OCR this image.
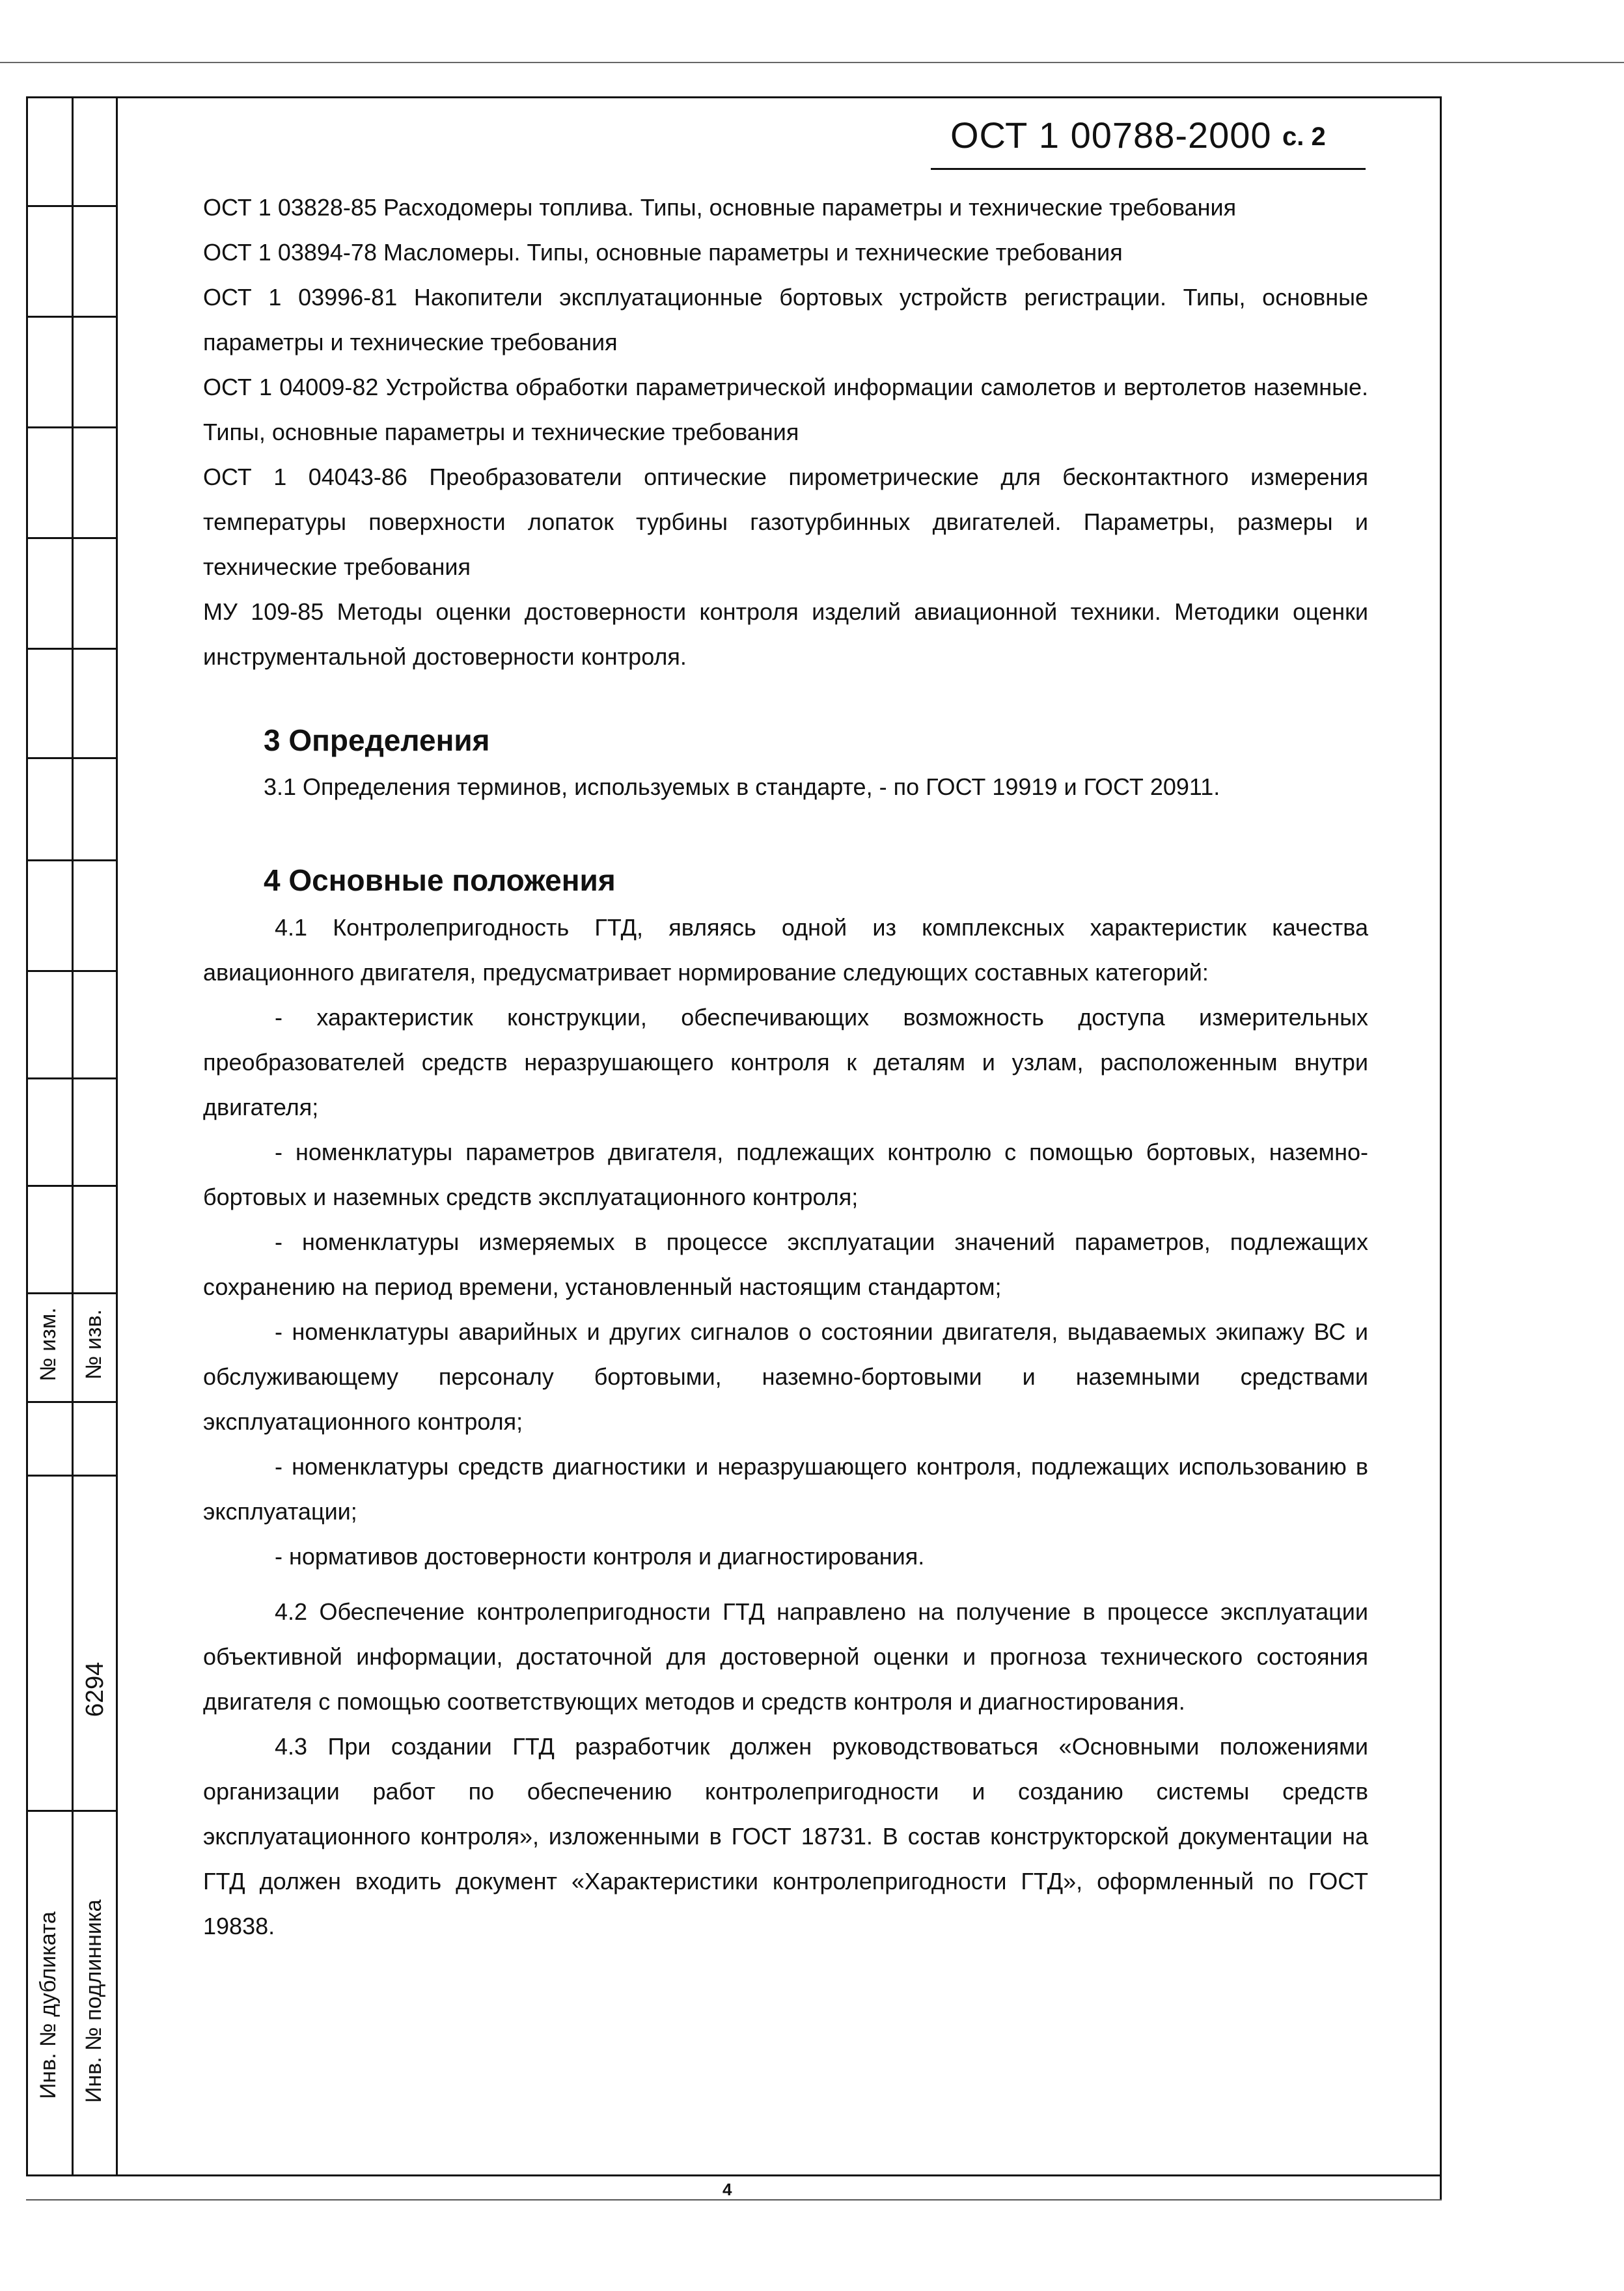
№ изм. № изв.
6294
Инв. № дубликата Инв. № подлинника
ОСТ 1 00788-2000 с. 2

ОСТ 1 03828-85 Расходомеры топлива. Типы, основные параметры и технические требования

ОСТ 1 03894-78 Масломеры. Типы, основные параметры и технические требования

ОСТ 1 03996-81 Накопители эксплуатационные бортовых устройств регистрации. Типы, основные параметры и технические требования

ОСТ 1 04009-82 Устройства обработки параметрической информации самолетов и вертолетов наземные. Типы, основные параметры и технические требования

ОСТ 1 04043-86 Преобразователи оптические пирометрические для бесконтактного измерения температуры поверхности лопаток турбины газотурбинных двигателей. Параметры, размеры и технические требования

МУ 109-85 Методы оценки достоверности контроля изделий авиационной техники. Методики оценки инструментальной достоверности контроля.

3 Определения
3.1 Определения терминов, используемых в стандарте, - по ГОСТ 19919 и ГОСТ 20911.
4 Основные положения

4.1 Контролепригодность ГТД, являясь одной из комплексных характеристик качества авиационного двигателя, предусматривает нормирование следующих составных категорий:

- характеристик конструкции, обеспечивающих возможность доступа измерительных преобразователей средств неразрушающего контроля к деталям и узлам, расположенным внутри двигателя;

- номенклатуры параметров двигателя, подлежащих контролю с помощью бортовых, наземно-бортовых и наземных средств эксплуатационного контроля;

- номенклатуры измеряемых в процессе эксплуатации значений параметров, подлежащих сохранению на период времени, установленный настоящим стандартом;

- номенклатуры аварийных и других сигналов о состоянии двигателя, выдаваемых экипажу ВС и обслуживающему персоналу бортовыми, наземно-бортовыми и наземными средствами эксплуатационного контроля;

- номенклатуры средств диагностики и неразрушающего контроля, подлежащих использованию в эксплуатации;

- нормативов достоверности контроля и диагностирования.

4.2 Обеспечение контролепригодности ГТД направлено на получение в процессе эксплуатации объективной информации, достаточной для достоверной оценки и прогноза технического состояния двигателя с помощью соответствующих методов и средств контроля и диагностирования.

4.3 При создании ГТД разработчик должен руководствоваться «Основными положениями организации работ по обеспечению контролепригодности и созданию системы средств эксплуатационного контроля», изложенными в ГОСТ 18731. В состав конструкторской документации на ГТД должен входить документ «Характеристики контролепригодности ГТД», оформленный по ГОСТ 19838.

4
